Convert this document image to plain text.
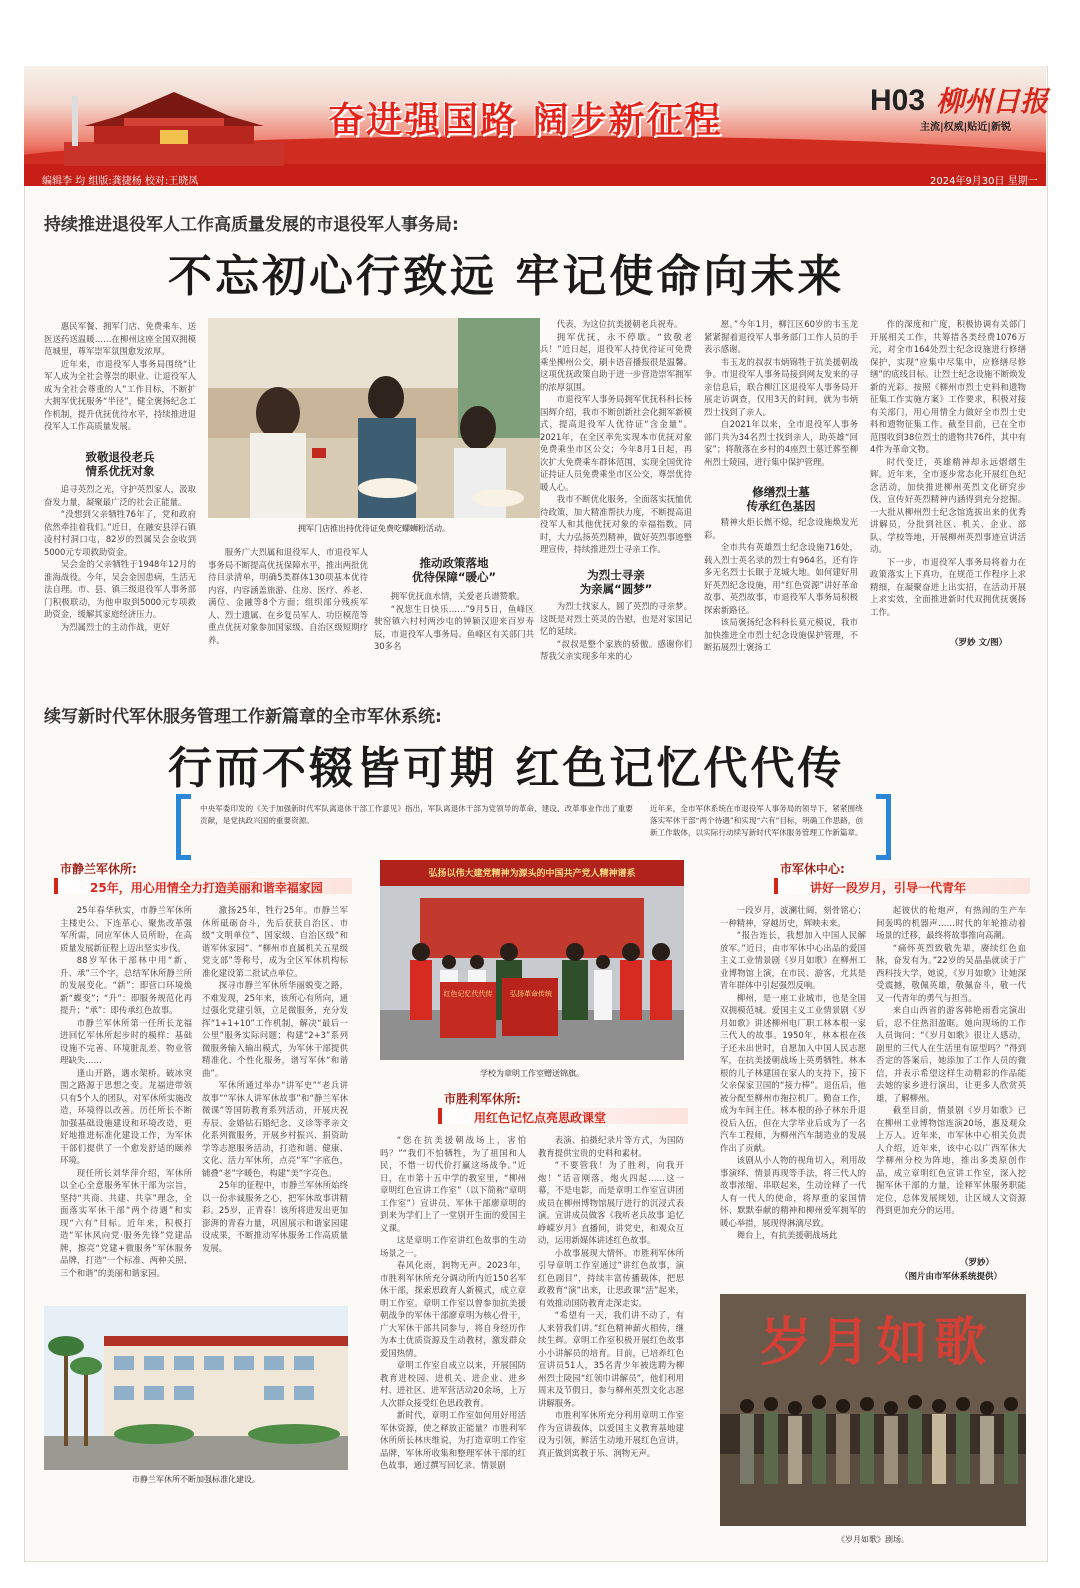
奋进强国路 阔步新征程	H03 柳州日报
主流|权威|贴近|新锐
编辑李 均 组版:龚捷杨 校对:王晓凤	2024年9月30日 星期一
持续推进退役军人工作高质量发展的市退役军人事务局:
不忘初心行致远 牢记使命向未来
拥军门店推出持优待证免费吃螺蛳粉活动。

惠民军餐、拥军门店、免费乘车、送医送药送温暖……在柳州这座全国双拥模范城里，尊军崇军氛围愈发浓厚。

近年来，市退役军人事务局围绕“让军人成为全社会尊崇的职业、让退役军人成为全社会尊重的人”工作目标，不断扩大拥军优抚服务“半径”，健全褒扬纪念工作机制，提升优抚优待水平，持续推进退役军人工作高质量发展。

致敬退役老兵
情系优抚对象

追寻英烈之光，守护英烈家人，汲取奋发力量，凝聚最广泛的社会正能量。

“没想到父亲牺牲76年了，党和政府依然牵挂着我们。”近日，在融安县浮石镇凌村村洞口屯，82岁的烈属吴会金收到5000元专项救助资金。

吴会金的父亲牺牲于1948年12月的淮海战役。今年，吴会金因患病，生活无法自理。市、县、镇三级退役军人事务部门积极联动，为他申取到5000元专项救助资金，缓解其家庭经济压力。

为烈属烈士的主动作战，更好

服务广大烈属和退役军人，市退役军人事务局不断提高优抚保障水平，推出两批优待目录清单，明确5类群体130项基本优待内容，内容涵盖旅游、住房、医疗、养老、满位、金融等8个方面；组织部分残疾军人、烈士遗属、在乡复员军人、功臣模范等重点优抚对象参加国家级、自治区级短期疗养。

推动政策落地
优待保障“暖心”

拥军优抚血水情，关爱老兵谱赞歌。

“祝您生日快乐……”9月5日，鱼峰区驶窑镇六村村两沙屯的钟颖汉迎来百岁寿辰，市退役军人事务局、鱼峰区有关部门共30多名

代表，为这位抗美援朝老兵祝寿。

拥军优抚，永不停歇。“致敬老兵！”近日起，退役军人持优待证可免费乘坐柳州公交，刷卡语音播报很是温馨。这项优抚政策自助于进一步营造崇军拥军的浓厚氛围。

市退役军人事务局拥军优抚科科长杨国辉介绍，我市不断创新社会化拥军新模式，提高退役军人优待证“含金量”。2021年，在全区率先实现本市优抚对象免费乘坐市区公交；今年8月1日起，再次扩大免费乘车群体范围，实现全国优待证持证人员免费乘坐市区公交，尊崇优待暖人心。

我市不断优化服务，全面落实抚恤优待政策，加大精准帮扶力度，不断提高退役军人和其他优抚对象的幸福指数。同时，大力弘扬英烈精神，做好英烈事迹整理宣传，持续推进烈士寻亲工作。

为烈士寻亲
为亲属“圆梦”

为烈士找家人，圆了英烈的寻亲梦。这既是对烈士英灵的告慰，也是对家国记忆的延续。

“叔叔是整个家族的骄傲。感谢你们帮我父亲实现多年来的心

愿。”今年1月，柳江区60岁的韦玉龙紧紧握着退役军人事务部门工作人员的手表示感谢。

韦玉龙的叔叔韦炳锦牲于抗美援朝战争。市退役军人事务局接到网友发来的寻亲信息后，联合柳江区退役军人事务局开展走访调查，仅用3天的时间，就为韦炳烈士找到了亲人。

自2021年以来，全市退役军人事务部门共为34名烈士找到亲人，助英雄“回家”；将散落在乡村的4座烈士墓迁葬至柳州烈士陵园，进行集中保护管理。

修缮烈士墓
传承红色基因

精神火炬长燃不熄，纪念设施焕发光彩。

全市共有英雄烈士纪念设施716处，载入烈士英名录的烈士有964名，还有许多无名烈士长眠于龙城大地。如何建好用好英烈纪念设施，用“红色资源”讲好革命故事、英烈故事，市退役军人事务局积极探索新路径。

该局褒扬纪念科科长莫元模说，我市加快推进全市烈士纪念设施保护管理，不断拓展烈士褒扬工

作的深度和广度，积极协调有关部门开展相关工作，共筹措各类经费1076万元，对全市164处烈士纪念设施进行修缮保护，实现“应集中尽集中，应修缮尽修缮”的底线目标。让烈士纪念设施不断焕发新的光彩。按照《柳州市烈士史料和遗物征集工作实施方案》工作要求，积极对接有关部门，用心用情全力做好全市烈士史料和遗物征集工作。截至目前，已在全市范围收到38位烈士的遗物共76件，其中有4件为革命文物。

时代变迁，英雄精神却永远熠熠生辉。近年来，全市逐步常态化开展红色纪念活动，加快推进柳州英烈文化研究步伐，宣传好英烈精神内涵得到充分挖掘。一大批从柳州烈士纪念馆选拔出来的优秀讲解员，分批到社区、机关、企业、部队、学校等地，开展柳州英烈事迹宣讲活动。

下一步，市退役军人事务局将着力在政策落实上下真功，在规范工作程序上求精细，在凝聚奋进上出实招，在活动开展上求实效，全面推进新时代双拥优抚褒扬工作。

（罗妙 文/图）
续写新时代军休服务管理工作新篇章的全市军休系统:
行而不辍皆可期 红色记忆代代传
中央军委印发的《关于加强新时代军队离退休干部工作意见》指出，军队离退休干部为党领导的革命、建设、改革事业作出了重要贡献，是党执政兴国的重要资源。
近年来，全市军休系统在市退役军人事务局的领导下，紧紧围绕落实军休干部“两个待遇”和实现“六有”目标，明确工作思路，创新工作载体，以实际行动续写新时代军休服务管理工作新篇章。
市静兰军休所:
25年，用心用情全力打造美丽和谐幸福家园

25年春华秋实，市静兰军休所主楼史公、下连革心、聚焦改革强军所需，同应军休人员所盼，在高质量发展新征程上迈出坚实步伐。

88岁军休干部林中用“新、升、承”三个字，总结军休所静兰所的发展变化。“新”：即营口环境焕新“蝶变”；“升”：即服务规范化再提升；“承”：即传承红色故事。

市静兰军休所第一任所长龙福进回忆军休所起步时的模样：基础设施不完善、环境脏乱差、物业管理缺失……

逢山开路，遇水架桥。破冰突围之路源于思想之变。龙福进带领只有5个人的团队，对军休所实施改造，环境得以改善。历任所长不断加强基础设施建设和环境改造，更好地推进标准化建设工作，为军休干部们提供了一个愈发舒适的颐养环境。

现任所长刘华萍介绍，军休所以全心全意服务军休干部为宗旨，坚持“共商、共建、共享”理念，全面落实军休干部“两个待遇”和实现“六有”目标。近年来，积极打造“军休风向党·服务先锋”党建品牌，擦亮“党建+微服务”军休服务品牌，打造“一个标准、两种关照、三个和谐”的美丽和谐家园。

激扬25年，牲行25年。市静兰军休所砥砺奋斗，先后获获自治区、市级“文明单位”、国家级、自治区级“和谐军休家园”、“柳州市直属机关五星级党支部”等称号，成为全区军休机构标准化建设第二批试点单位。

探寻市静兰军休所华丽蜕变之路，不难发现，25年来，该所心有所向，通过强化党建引领，立足微服务，充分发挥“1+1+10”工作机制，解决“最后一公里”服务实际问题；构建“2+3”系列微服务输入输出模式，为军休干部提供精准化、个性化服务，谱写军休“和谐曲”。

军休所通过举办“讲军史”“老兵讲故事”“军休人讲军休故事”和“静兰军休微课”等国防教育系列活动，开展庆祝寿辰、金婚钻石婚纪念、义诊等孝亲文化系列微服务，开展乡村振兴、捐资助学等志愿服务活动，打造和谐、健康、文化、活力军休所，点亮“军”字底色，铺叠“老”字暖色，构建“美”字亮色。

25年的征程中，市静兰军休所始终以一份赤诚服务之心，把军休故事讲精彩。25岁，正青春！该所将进发出更加澎湃的青春力量，巩固展示和谐家园建设成果，不断推动军休服务工作高质量发展。

市静兰军休所不断加强标准化建设。
弘扬以伟大建党精神为源头的中国共产党人精神谱系
红色记忆代代传	弘扬革命传统
学校为章明工作室赠送锦旗。
市胜利军休所:
用红色记忆点亮思政课堂

“您在抗美援朝战场上，害怕吗？”“我们不怕牺牲，为了祖国和人民，不惜一切代价打赢这场战争。”近日，在市第十五中学的教室里，“柳州章明红色宣讲工作室”（以下简称“章明工作室”）宣讲员、军休干部廖章明的到来为学们上了一堂别开生面的爱国主义课。

这是章明工作室讲红色故事的生动场景之一。

春风化雨，润物无声。2023年，市胜利军休所充分调动所内近150名军休干部，探索思政育人新模式，成立章明工作室。章明工作室以曾参加抗美援朝战争的军休干部廖章明为核心骨干，广大军休干部共同参与，将自身经历作为本土优质资源及生动教材，激发群众爱国热情。

章明工作室自成立以来，开展国防教育进校园、进机关、进企业、进乡村、进社区、进军营活动20余场，上万人次群众接受红色思政教育。

新时代，章明工作室如何用好用活军休资源，使之释放正能量？市胜利军休所所长林庆维说，为打造章明工作室品牌，军休所收集和整理军休干部的红色故事，通过撰写回忆录、情景剧

表演、拍摄纪录片等方式，为国防教育提供宝贵的史料和素材。

“不要管我！为了胜利，向我开炮！”话音刚落，炮火四起……这一幕，不是电影，而是章明工作室宣讲团成员在柳州博物馆展厅进行的沉浸式表演。宣讲成员做客《我听老兵故事 追忆峥嵘岁月》直播间，讲党史，和观众互动，运用新媒体讲述红色故事。

小故事展现大情怀。市胜利军休所引导章明工作室通过“讲红色故事，演红色剧目”，持续丰富传播载体，把思政教育“演”出来，让思政课“活”起来，有效推动国防教育走深走实。

“希望有一天，我们讲不动了，有人来替我们讲。”红色精神薪火相传，继续生辉。章明工作室积极开展红色故事小小讲解员的培育。目前，已培养红色宣讲员51人，35名青少年被选聘为柳州烈士陵园“红领巾讲解员”，他们利用周末及节假日，参与柳州英烈文化志愿讲解服务。

市胜利军休所充分利用章明工作室作为宣讲载体，以爱国主义教育基地建设为引领，鲜活生动地开展红色宣讲，真正做到寓教于乐、润物无声。

市军休中心:
讲好一段岁月，引导一代青年

一段岁月，波澜壮阔，刻骨铭心；一种精神，穿越历史，辉映未来。

“报告连长，我想加入中国人民解放军。”近日，由市军休中心出品的爱国主义工业情景剧《岁月如歌》在柳州工业博物馆上演，在市民、游客，尤其是青年群体中引起强烈反响。

柳州，是一座工业城市，也是全国双拥模范城。爱国主义工业情景剧《岁月如歌》讲述柳州电厂职工林本根一家三代人的故事。1950年，林本根在孩子还未出世时，自愿加入中国人民志愿军，在抗美援朝战场上英勇牺牲。林本根的儿子林建国在家人的支持下，接下父亲保家卫国的“接力棒”。退伍后，他被分配至柳州市拖拉机厂。勤奋工作，成为车间主任。林本根的孙子林东升退役后入伍，但在大学毕业后成为了一名汽车工程师，为柳州汽车制造业的发展作出了贡献。

该剧从小人物的视角切入，利用故事演绎、情景再现等手法，将三代人的故事浓缩、串联起来，生动诠释了一代人有一代人的使命，将厚重的家国情怀、默默奉献的精神和柳州爱军拥军的暖心举措，展现得淋漓尽致。

舞台上，有抗美援朝战场此

起彼伏的枪炮声，有热闹的生产车间轰鸣的机器声……时代的年轮推动着场景的迁移，最终将故事推向高潮。

“痛怀英烈致敬先辈，赓续红色血脉，奋发有为。”22岁的吴晶晶就读于广西科技大学，她说，《岁月如歌》让她深受震撼，敬佩英雄，敬佩奋斗，敬一代又一代青年的勇气与担当。

来自山西省的游客韩艳雨看完演出后，忍不住热泪盈眶。她向现场的工作人员询问：“《岁月如歌》很让人感动，剧里的三代人在生活里有原型吗？”得到否定的答案后，她添加了工作人员的微信，并表示希望这样生动精彩的作品能去她的家乡进行演出，让更多人欣赏英雄，了解柳州。

截至目前，情景剧《岁月如歌》已在柳州工业博物馆连演20场，惠及观众上万人。近年来，市军休中心相关负责人介绍，近年来，该中心以广西军休大学柳州分校为阵地，推出多类原创作品，成立章明红色宣讲工作室，深入挖掘军休干部的力量，诠释军休服务职能定位，总体发展规划，让区域人文资源得到更加充分的运用。

（罗妙）
（图片由市军休系统提供）
岁月如歌
《岁月如歌》剧场。
